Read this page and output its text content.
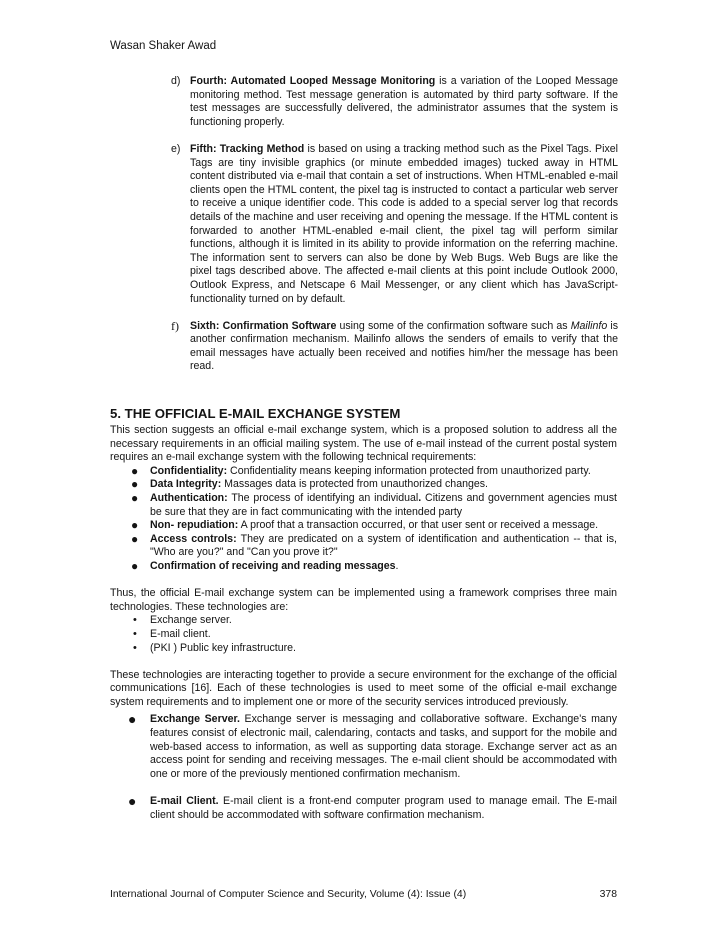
Wasan Shaker Awad
d) Fourth: Automated Looped Message Monitoring is a variation of the Looped Message monitoring method. Test message generation is automated by third party software. If the test messages are successfully delivered, the administrator assumes that the system is functioning properly.
e) Fifth: Tracking Method is based on using a tracking method such as the Pixel Tags. Pixel Tags are tiny invisible graphics (or minute embedded images) tucked away in HTML content distributed via e-mail that contain a set of instructions. When HTML-enabled e-mail clients open the HTML content, the pixel tag is instructed to contact a particular web server to receive a unique identifier code. This code is added to a special server log that records details of the machine and user receiving and opening the message. If the HTML content is forwarded to another HTML-enabled e-mail client, the pixel tag will perform similar functions, although it is limited in its ability to provide information on the referring machine. The information sent to servers can also be done by Web Bugs. Web Bugs are like the pixel tags described above. The affected e-mail clients at this point include Outlook 2000, Outlook Express, and Netscape 6 Mail Messenger, or any client which has JavaScript-functionality turned on by default.
f) Sixth: Confirmation Software using some of the confirmation software such as Mailinfo is another confirmation mechanism. Mailinfo allows the senders of emails to verify that the email messages have actually been received and notifies him/her the message has been read.
5. THE OFFICIAL E-MAIL EXCHANGE SYSTEM

This section suggests an official e-mail exchange system, which is a proposed solution to address all the necessary requirements in an official mailing system. The use of e-mail instead of the current postal system requires an e-mail exchange system with the following technical requirements:

● Confidentiality: Confidentiality means keeping information protected from unauthorized party.
● Data Integrity: Massages data is protected from unauthorized changes.
● Authentication: The process of identifying an individual. Citizens and government agencies must be sure that they are in fact communicating with the intended party
● Non- repudiation: A proof that a transaction occurred, or that user sent or received a message.
● Access controls: They are predicated on a system of identification and authentication -- that is, "Who are you?" and "Can you prove it?"
● Confirmation of receiving and reading messages.

Thus, the official E-mail exchange system can be implemented using a framework comprises three main technologies. These technologies are:

• Exchange server.
• E-mail client.
• (PKI ) Public key infrastructure.

These technologies are interacting together to provide a secure environment for the exchange of the official communications [16]. Each of these technologies is used to meet some of the official e-mail exchange system requirements and to implement one or more of the security services introduced previously.

● Exchange Server. Exchange server is messaging and collaborative software. Exchange's many features consist of electronic mail, calendaring, contacts and tasks, and support for the mobile and web-based access to information, as well as supporting data storage. Exchange server act as an access point for sending and receiving messages. The e-mail client should be accommodated with one or more of the previously mentioned confirmation mechanism.
● E-mail Client. E-mail client is a front-end computer program used to manage email. The E-mail client should be accommodated with software confirmation mechanism.
International Journal of Computer Science and Security, Volume (4): Issue (4)	378
